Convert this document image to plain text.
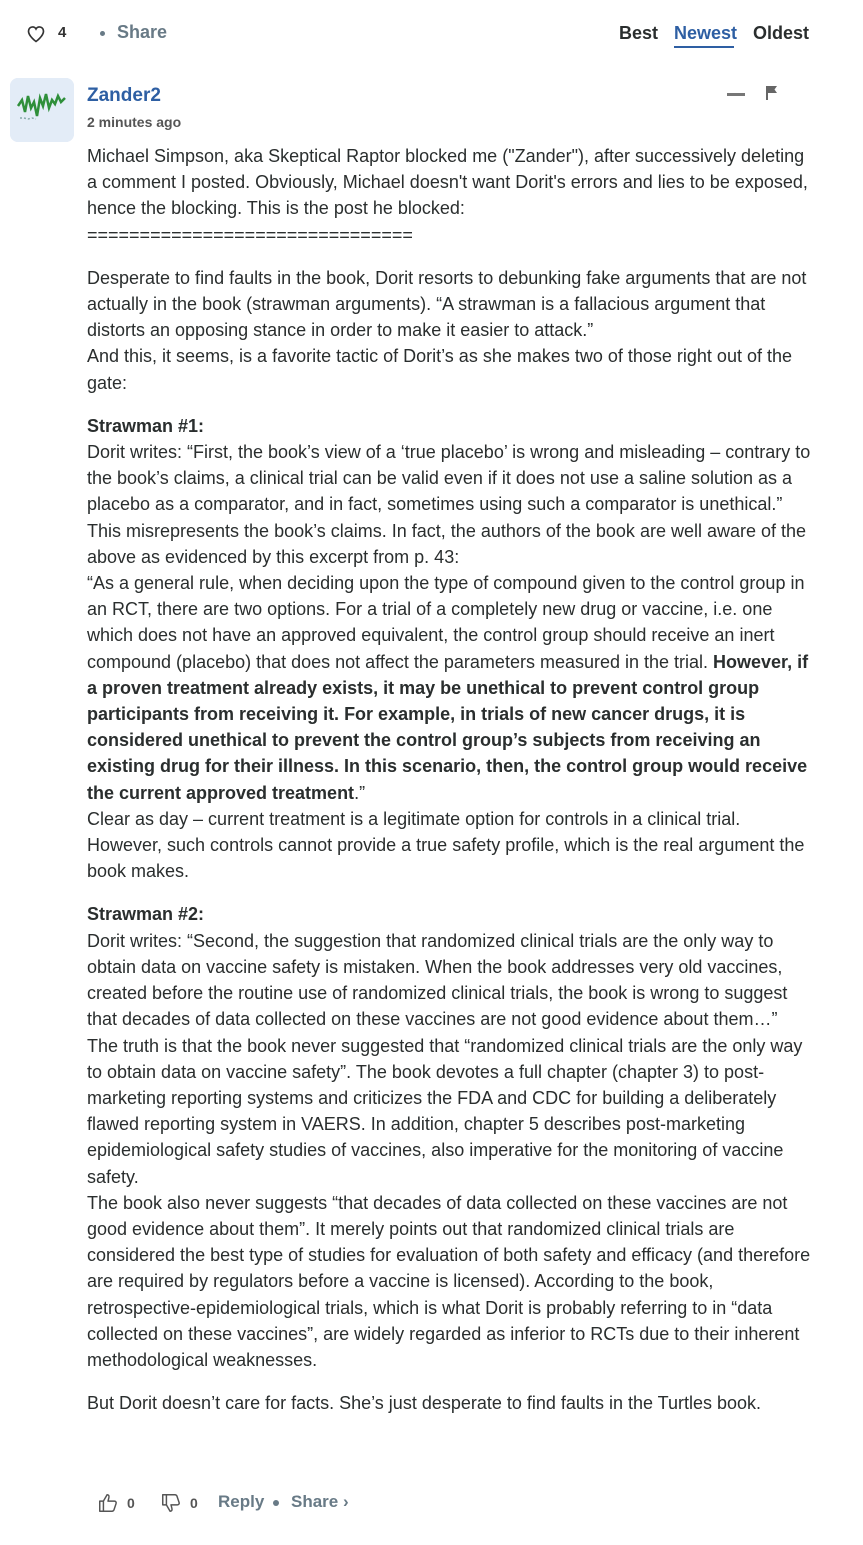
4	Share	Best Newest Oldest
Zander2
2 minutes ago

Michael Simpson, aka Skeptical Raptor blocked me ("Zander"), after successively deleting a comment I posted. Obviously, Michael doesn't want Dorit's errors and lies to be exposed, hence the blocking. This is the post he blocked:

===============================

Desperate to find faults in the book, Dorit resorts to debunking fake arguments that are not actually in the book (strawman arguments). “A strawman is a fallacious argument that distorts an opposing stance in order to make it easier to attack.”

And this, it seems, is a favorite tactic of Dorit’s as she makes two of those right out of the gate:

Strawman #1:

Dorit writes: “First, the book’s view of a ‘true placebo’ is wrong and misleading – contrary to the book’s claims, a clinical trial can be valid even if it does not use a saline solution as a placebo as a comparator, and in fact, sometimes using such a comparator is unethical.”

This misrepresents the book’s claims. In fact, the authors of the book are well aware of the above as evidenced by this excerpt from p. 43:

“As a general rule, when deciding upon the type of compound given to the control group in an RCT, there are two options. For a trial of a completely new drug or vaccine, i.e. one which does not have an approved equivalent, the control group should receive an inert compound (placebo) that does not affect the parameters measured in the trial. However, if a proven treatment already exists, it may be unethical to prevent control group participants from receiving it. For example, in trials of new cancer drugs, it is considered unethical to prevent the control group’s subjects from receiving an existing drug for their illness. In this scenario, then, the control group would receive the current approved treatment.”

Clear as day – current treatment is a legitimate option for controls in a clinical trial. However, such controls cannot provide a true safety profile, which is the real argument the book makes.

Strawman #2:

Dorit writes: “Second, the suggestion that randomized clinical trials are the only way to obtain data on vaccine safety is mistaken. When the book addresses very old vaccines, created before the routine use of randomized clinical trials, the book is wrong to suggest that decades of data collected on these vaccines are not good evidence about them…”

The truth is that the book never suggested that “randomized clinical trials are the only way to obtain data on vaccine safety”. The book devotes a full chapter (chapter 3) to post-marketing reporting systems and criticizes the FDA and CDC for building a deliberately flawed reporting system in VAERS. In addition, chapter 5 describes post-marketing epidemiological safety studies of vaccines, also imperative for the monitoring of vaccine safety.

The book also never suggests “that decades of data collected on these vaccines are not good evidence about them”. It merely points out that randomized clinical trials are considered the best type of studies for evaluation of both safety and efficacy (and therefore are required by regulators before a vaccine is licensed). According to the book, retrospective-epidemiological trials, which is what Dorit is probably referring to in “data collected on these vaccines”, are widely regarded as inferior to RCTs due to their inherent methodological weaknesses.

But Dorit doesn’t care for facts. She’s just desperate to find faults in the Turtles book.

0	0 Reply Share ›
